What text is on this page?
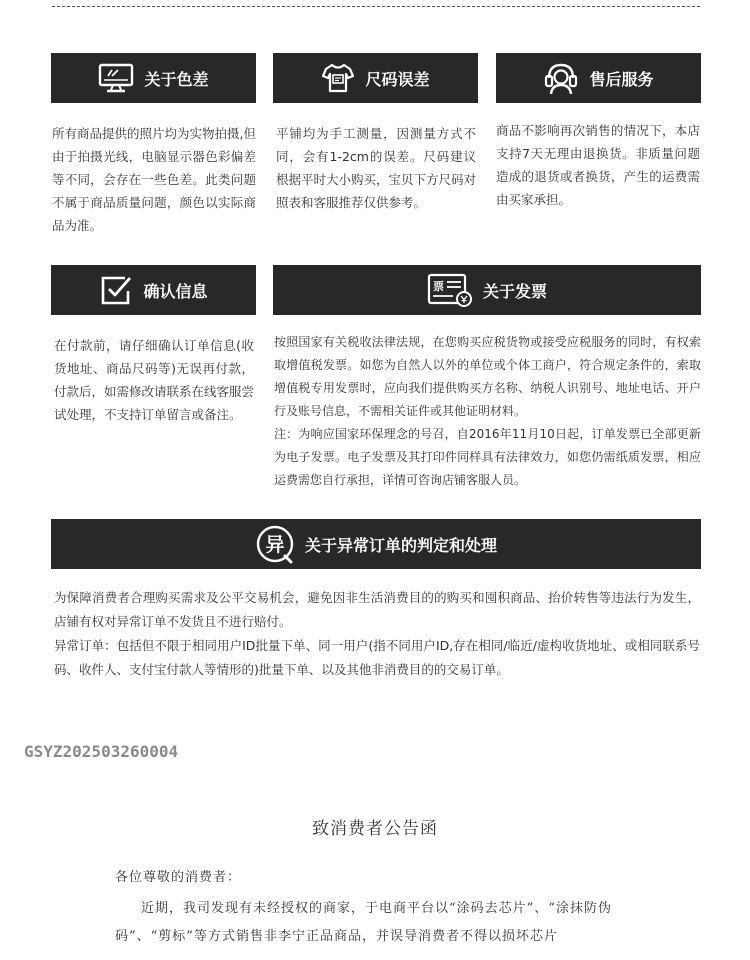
关于色差	尺码误差	售后服务

所有商品提供的照片均为实物拍摄,但由于拍摄光线，电脑显示器色彩偏差等不同，会存在一些色差。此类问题不属于商品质量问题，颜色以实际商品为准。

平铺均为手工测量，因测量方式不同，会有1-2cm的误差。尺码建议根据平时大小购买，宝贝下方尺码对照表和客服推荐仅供参考。

商品不影响再次销售的情况下，本店支持7天无理由退换货。非质量问题造成的退货或者换货，产生的运费需由买家承担。

确认信息	票 关于发票

在付款前，请仔细确认订单信息(收货地址、商品尺码等)无误再付款，付款后，如需修改请联系在线客服尝试处理，不支持订单留言或备注。

按照国家有关税收法律法规，在您购买应税货物或接受应税服务的同时，有权索取增值税发票。如您为自然人以外的单位或个体工商户，符合规定条件的，索取增值税专用发票时，应向我们提供购买方名称、纳税人识别号、地址电话、开户行及账号信息，不需相关证件或其他证明材料。

注：为响应国家环保理念的号召，自2016年11月10日起，订单发票已全部更新为电子发票。电子发票及其打印件同样具有法律效力，如您仍需纸质发票，相应运费需您自行承担，详情可咨询店铺客服人员。

异 关于异常订单的判定和处理

为保障消费者合理购买需求及公平交易机会，避免因非生活消费目的的购买和囤积商品、抬价转售等违法行为发生，店铺有权对异常订单不发货且不进行赔付。

异常订单：包括但不限于相同用户ID批量下单、同一用户(指不同用户ID,存在相同/临近/虚构收货地址、或相同联系号码、收件人、支付宝付款人等情形的)批量下单、以及其他非消费目的的交易订单。

GSYZ202503260004
致消费者公告函
各位尊敬的消费者：

近期，我司发现有未经授权的商家，于电商平台以“涂码去芯片”、“涂抹防伪码”、“剪标”等方式销售非李宁正品商品，并误导消费者不得以损坏芯片
